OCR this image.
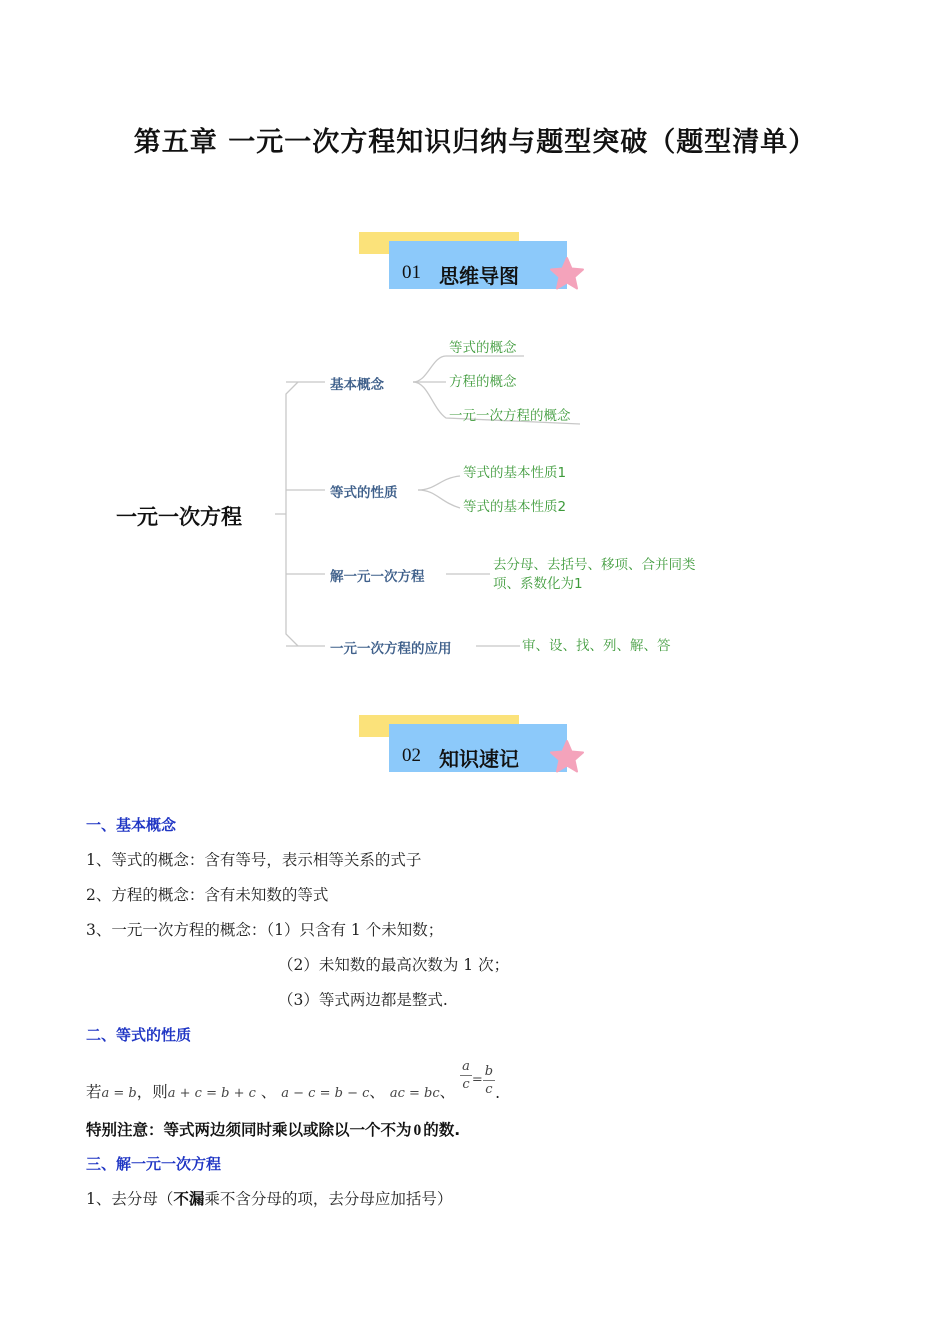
第五章 一元一次方程知识归纳与题型突破（题型清单）
01 思维导图
一元一次方程
基本概念
等式的概念
方程的概念
一元一次方程的概念
等式的性质
等式的基本性质1
等式的基本性质2
解一元一次方程
去分母、去括号、移项、合并同类
项、系数化为1
一元一次方程的应用	审、设、找、列、解、答
02 知识速记
一、基本概念
1、等式的概念：含有等号，表示相等关系的式子
2、方程的概念：含有未知数的等式
3、一元一次方程的概念：（1）只含有 1 个未知数；
（2）未知数的最高次数为 1 次；
（3）等式两边都是整式.
二、等式的性质
若a = b，则a + c = b + c 、 a − c = b − c、 ac = bc、 $\frac{a}{c} = \frac{b}{c}$ .
特别注意：等式两边须同时乘以或除以一个不为 0 的数.
三、解一元一次方程
1、去分母（不漏乘不含分母的项，去分母应加括号）
